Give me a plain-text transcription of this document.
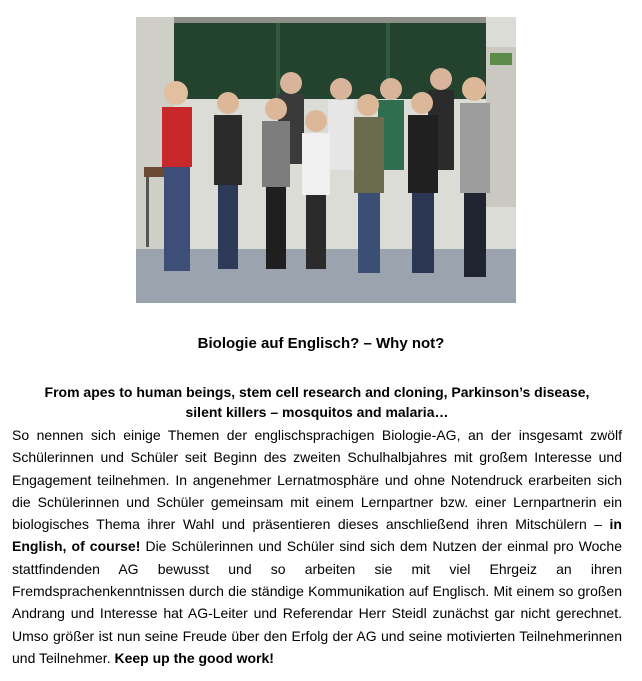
Biologie auf Englisch? – Why not?
From apes to human beings, stem cell research and cloning, Parkinson’s disease,
silent killers – mosquitos and malaria…

So nennen sich einige Themen der englischsprachigen Biologie-AG, an der insgesamt zwölf Schülerinnen und Schüler seit Beginn des zweiten Schulhalbjahres mit großem Interesse und Engagement teilnehmen. In angenehmer Lernatmosphäre und ohne Notendruck erarbeiten sich die Schülerinnen und Schüler gemeinsam mit einem Lernpartner bzw. einer Lernpartnerin ein biologisches Thema ihrer Wahl und präsentieren dieses anschließend ihren Mitschülern – in English, of course! Die Schülerinnen und Schüler sind sich dem Nutzen der einmal pro Woche stattfindenden AG bewusst und so arbeiten sie mit viel Ehrgeiz an ihren Fremdsprachenkenntnissen durch die ständige Kommunikation auf Englisch. Mit einem so großen Andrang und Interesse hat AG-Leiter und Referendar Herr Steidl zunächst gar nicht gerechnet. Umso größer ist nun seine Freude über den Erfolg der AG und seine motivierten Teilnehmerinnen und Teilnehmer. Keep up the good work!
